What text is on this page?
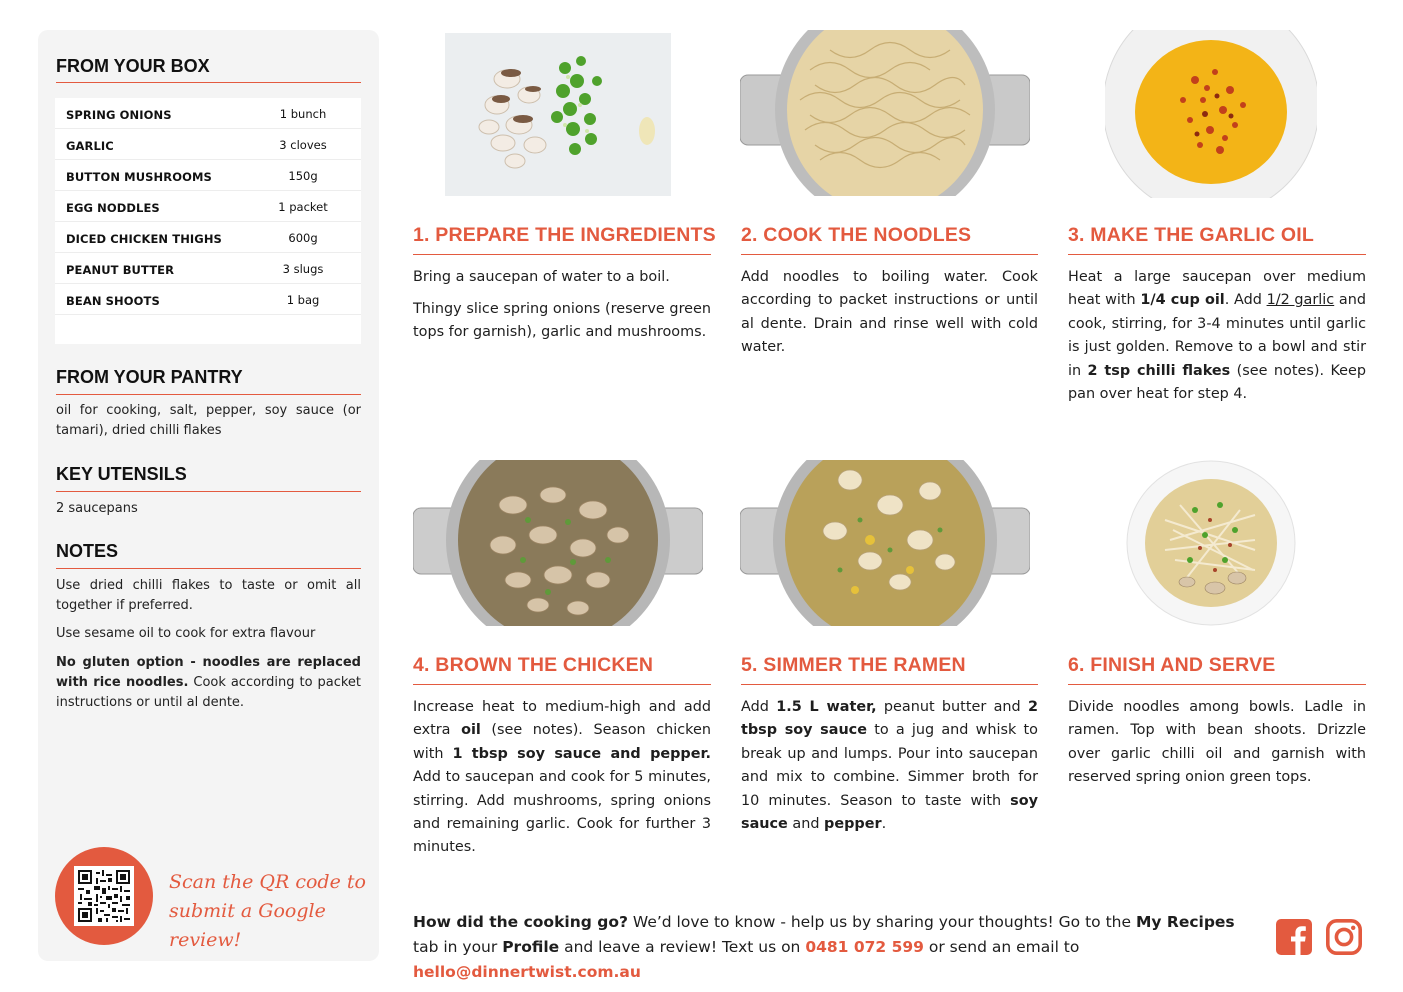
FROM YOUR BOX
SPRING ONIONS	1 bunch
GARLIC	3 cloves
BUTTON MUSHROOMS	150g
EGG NODDLES	1 packet
DICED CHICKEN THIGHS	600g
PEANUT BUTTER	3 slugs
BEAN SHOOTS	1 bag
FROM YOUR PANTRY
oil for cooking, salt, pepper, soy sauce (or tamari), dried chilli flakes
KEY UTENSILS
2 saucepans
NOTES
Use dried chilli flakes to taste or omit all together if preferred.
Use sesame oil to cook for extra flavour
No gluten option - noodles are replaced with rice noodles. Cook according to packet instructions or until al dente.
Scan the QR code to
submit a Google review!
1. PREPARE THE INGREDIENTS

Bring a saucepan of water to a boil.

Thingy slice spring onions (reserve green tops for garnish), garlic and mushrooms.

2. COOK THE NOODLES

Add noodles to boiling water. Cook according to packet instructions or until al dente. Drain and rinse well with cold water.

3. MAKE THE GARLIC OIL

Heat a large saucepan over medium heat with 1/4 cup oil. Add 1/2 garlic and cook, stirring, for 3-4 minutes until garlic is just golden. Remove to a bowl and stir in 2 tsp chilli flakes (see notes). Keep pan over heat for step 4.

4. BROWN THE CHICKEN

Increase heat to medium-high and add extra oil (see notes). Season chicken with 1 tbsp soy sauce and pepper. Add to saucepan and cook for 5 minutes, stirring. Add mushrooms, spring onions and remaining garlic. Cook for further 3 minutes.

5. SIMMER THE RAMEN

Add 1.5 L water, peanut butter and 2 tbsp soy sauce to a jug and whisk to break up and lumps. Pour into saucepan and mix to combine. Simmer broth for 10 minutes. Season to taste with soy sauce and pepper.

6. FINISH AND SERVE

Divide noodles among bowls. Ladle in ramen. Top with bean shoots. Drizzle over garlic chilli oil and garnish with reserved spring onion green tops.

How did the cooking go? We’d love to know - help us by sharing your thoughts! Go to the My Recipes tab in your Profile and leave a review! Text us on 0481 072 599 or send an email to hello@dinnertwist.com.au
